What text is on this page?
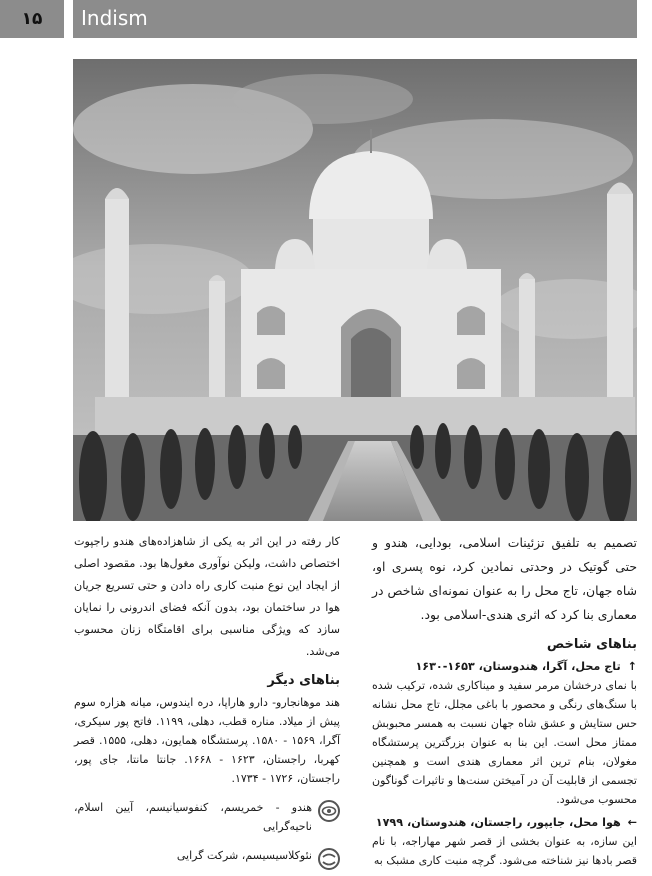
۱۵	Indism

تصمیم به تلفیق تزئینات اسلامی، بودایی، هندو و حتی گوتیک در وحدتی نمادین کرد، نوه پسری او، شاه جهان، تاج محل را به عنوان نمونه‌ای شاخص در معماری بنا کرد که اثری هندی-اسلامی بود.

بناهای شاخص
↑ تاج محل، آگرا، هندوستان، ۱۶۵۳-۱۶۳۰

با نمای درخشان مرمر سفید و میناکاری شده، ترکیب شده با سنگ‌های رنگی و محصور با باغی مجلل، تاج محل نشانه حس ستایش و عشق شاه جهان نسبت به همسر محبوبش ممتاز محل است. این بنا به عنوان بزرگترین پرستشگاه مغولان، بنام ترین اثر معماری هندی است و همچنین تجسمی از قابلیت آن در آمیختن سنت‌ها و تاثیرات گوناگون محسوب می‌شود.

← هوا محل، جایپور، راجستان، هندوستان، ۱۷۹۹

این سازه، به عنوان بخشی از قصر شهر مهاراجه، با نام قصر بادها نیز شناخته می‌شود. گرچه منبت کاری مشبک به

کار رفته در این اثر به یکی از شاهزاده‌های هندو راجپوت اختصاص داشت، ولیکن نوآوری مغول‌ها بود. مقصود اصلی از ایجاد این نوع منبت کاری راه دادن و حتی تسریع جریان هوا در ساختمان بود، بدون آنکه فضای اندرونی را نمایان سازد که ویژگی مناسبی برای اقامتگاه زنان محسوب می‌شد.

بناهای دیگر

هند موهانجارو- دارو هاراپا، دره ایندوس، میانه هزاره سوم پیش از میلاد. مناره قطب، دهلی، ۱۱۹۹. فاتح پور سیکری، آگرا، ۱۵۶۹ - ۱۵۸۰. پرستشگاه همایون، دهلی، ۱۵۵۵. قصر کهربا، راجستان، ۱۶۲۳ - ۱۶۶۸. جانتا مانتا، جای پور، راجستان، ۱۷۲۶ - ۱۷۳۴.

هندو - خمریسم، کنفوسیانیسم، آیین اسلام، ناحیه‌گرایی
نئوکلاسیسیسم، شرکت گرایی
